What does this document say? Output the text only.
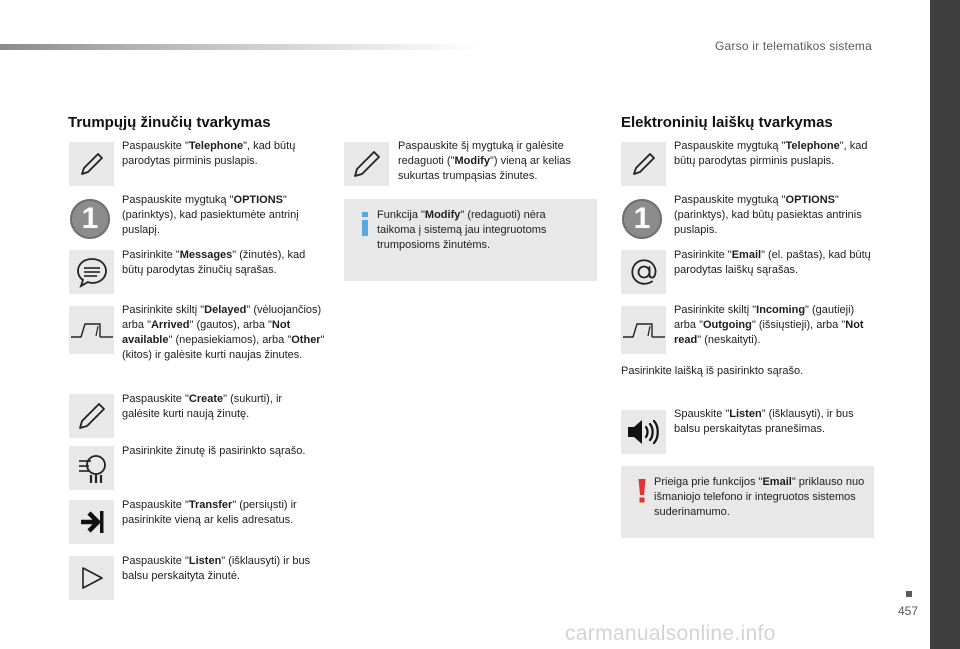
Garso ir telematikos sistema
457
carmanualsonline.info
Trumpųjų žinučių tvarkymas
Paspauskite "Telephone", kad būtų parodytas pirminis puslapis.
1
Paspauskite mygtuką "OPTIONS" (parinktys), kad pasiektumėte antrinį puslapį.
Pasirinkite "Messages" (žinutės), kad būtų parodytas žinučių sąrašas.
Pasirinkite skiltį "Delayed" (vėluojančios) arba "Arrived" (gautos), arba "Not available" (nepasiekiamos), arba "Other" (kitos) ir galėsite kurti naujas žinutes.
Paspauskite "Create" (sukurti), ir galėsite kurti naują žinutę.
Pasirinkite žinutę iš pasirinkto sąrašo.
Paspauskite "Transfer" (persiųsti) ir pasirinkite vieną ar kelis adresatus.
Paspauskite "Listen" (išklausyti) ir bus balsu perskaityta žinutė.
Paspauskite šį mygtuką ir galėsite redaguoti ("Modify") vieną ar kelias sukurtas trumpąsias žinutes.
Funkcija "Modify" (redaguoti) nėra taikoma į sistemą jau integruotoms trumposioms žinutėms.
Elektroninių laiškų tvarkymas
Paspauskite mygtuką "Telephone", kad būtų parodytas pirminis puslapis.
1
Paspauskite mygtuką "OPTIONS" (parinktys), kad būtų pasiektas antrinis puslapis.
Pasirinkite "Email" (el. paštas), kad būtų parodytas laiškų sąrašas.
Pasirinkite skiltį "Incoming" (gautieji) arba "Outgoing" (išsiųstieji), arba "Not read" (neskaityti).
Pasirinkite laišką iš pasirinkto sąrašo.
Spauskite "Listen" (išklausyti), ir bus balsu perskaitytas pranešimas.
Prieiga prie funkcijos "Email" priklauso nuo išmaniojo telefono ir integruotos sistemos suderinamumo.
